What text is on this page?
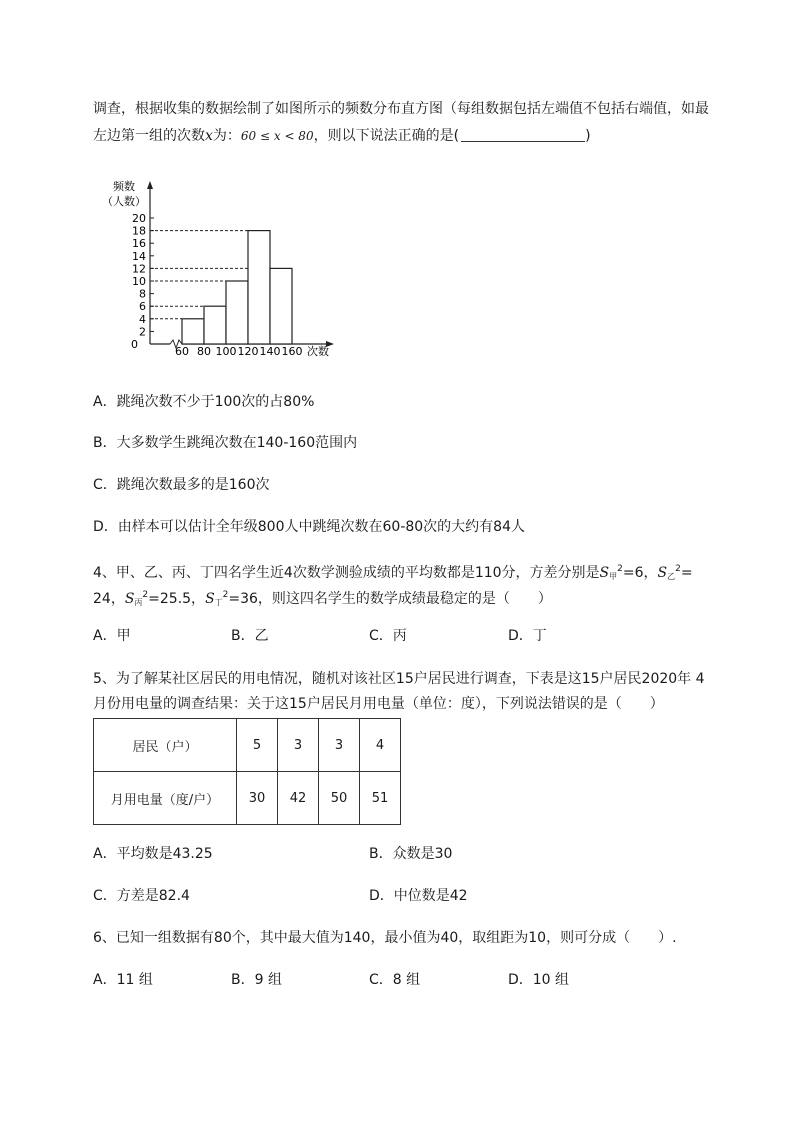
调查，根据收集的数据绘制了如图所示的频数分布直方图（每组数据包括左端值不包括右端值，如最
左边第一组的次数x为：60 ≤ x < 80，则以下说法正确的是(	)
频数
（人数）
次数
0
2
4
6
8
10
12
14
16
18
20
60 80 100 120 140 160
A．跳绳次数不少于100次的占80%
B．大多数学生跳绳次数在140-160范围内
C．跳绳次数最多的是160次
D．由样本可以估计全年级800人中跳绳次数在60-80次的大约有84人
4、甲、乙、丙、丁四名学生近4次数学测验成绩的平均数都是110分，方差分别是$S_甲^2=6$，$S_乙^2=$
24，$S_丙^2=25.5$，$S_丁^2=36$，则这四名学生的数学成绩最稳定的是（　　）
A．甲	B．乙	C．丙	D．丁
5、为了解某社区居民的用电情况，随机对该社区15户居民进行调查，下表是这15户居民2020年 4
月份用电量的调查结果：关于这15户居民月用电量（单位：度），下列说法错误的是（　　）
居民（户）	5	3	3	4
月用电量（度/户）	30	42	50	51
A．平均数是43.25	B．众数是30
C．方差是82.4	D．中位数是42
6、已知一组数据有80个，其中最大值为140，最小值为40，取组距为10，则可分成（　　）.
A．11 组	B．9 组	C．8 组	D．10 组
